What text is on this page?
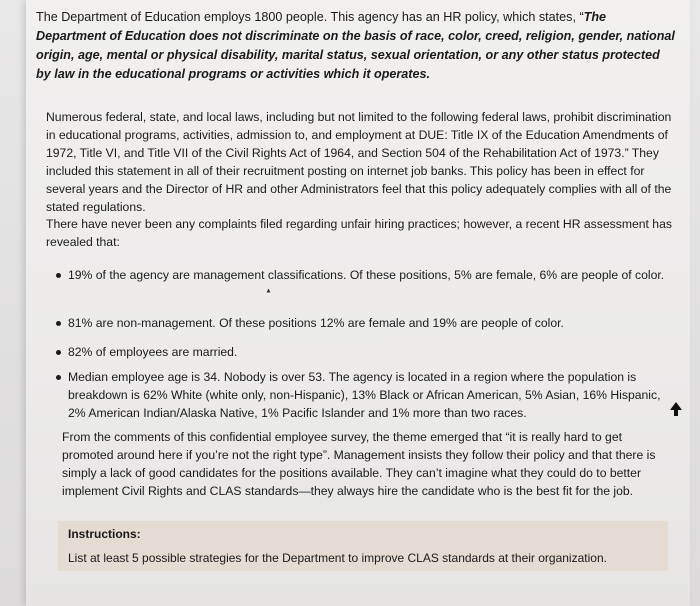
The Department of Education employs 1800 people. This agency has an HR policy, which states, “The Department of Education does not discriminate on the basis of race, color, creed, religion, gender, national origin, age, mental or physical disability, marital status, sexual orientation, or any other status protected by law in the educational programs or activities which it operates.
Numerous federal, state, and local laws, including but not limited to the following federal laws, prohibit discrimination in educational programs, activities, admission to, and employment at DUE: Title IX of the Education Amendments of 1972, Title VI, and Title VII of the Civil Rights Act of 1964, and Section 504 of the Rehabilitation Act of 1973.” They included this statement in all of their recruitment posting on internet job banks. This policy has been in effect for several years and the Director of HR and other Administrators feel that this policy adequately complies with all of the stated regulations.
There have never been any complaints filed regarding unfair hiring practices; however, a recent HR assessment has revealed that:
19% of the agency are management classifications. Of these positions, 5% are female, 6% are people of color.
81% are non-management. Of these positions 12% are female and 19% are people of color.
82% of employees are married.
Median employee age is 34. Nobody is over 53. The agency is located in a region where the population is breakdown is 62% White (white only, non-Hispanic), 13% Black or African American, 5% Asian, 16% Hispanic, 2% American Indian/Alaska Native, 1% Pacific Islander and 1% more than two races.
From the comments of this confidential employee survey, the theme emerged that “it is really hard to get promoted around here if you’re not the right type”. Management insists they follow their policy and that there is simply a lack of good candidates for the positions available. They can’t imagine what they could do to better implement Civil Rights and CLAS standards—they always hire the candidate who is the best fit for the job.
Instructions:
List at least 5 possible strategies for the Department to improve CLAS standards at their organization.
